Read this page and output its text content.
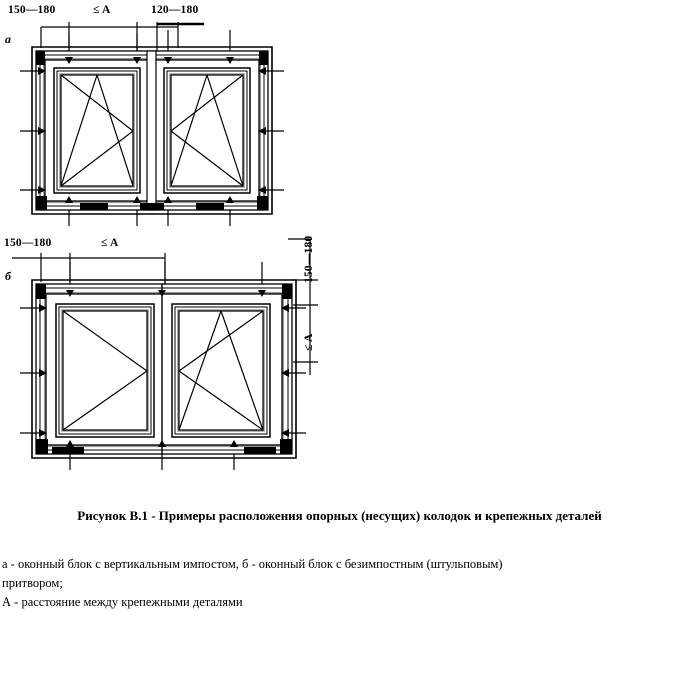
а
150—180	≤ A	120—180
б
150—180	≤ A	150—180
≤ A
Рисунок В.1 - Примеры расположения опорных (несущих) колодок и крепежных деталей
а - оконный блок с вертикальным импостом, б - оконный блок с безимпостным (штульповым)
притвором;
А - расстояние между крепежными деталями
